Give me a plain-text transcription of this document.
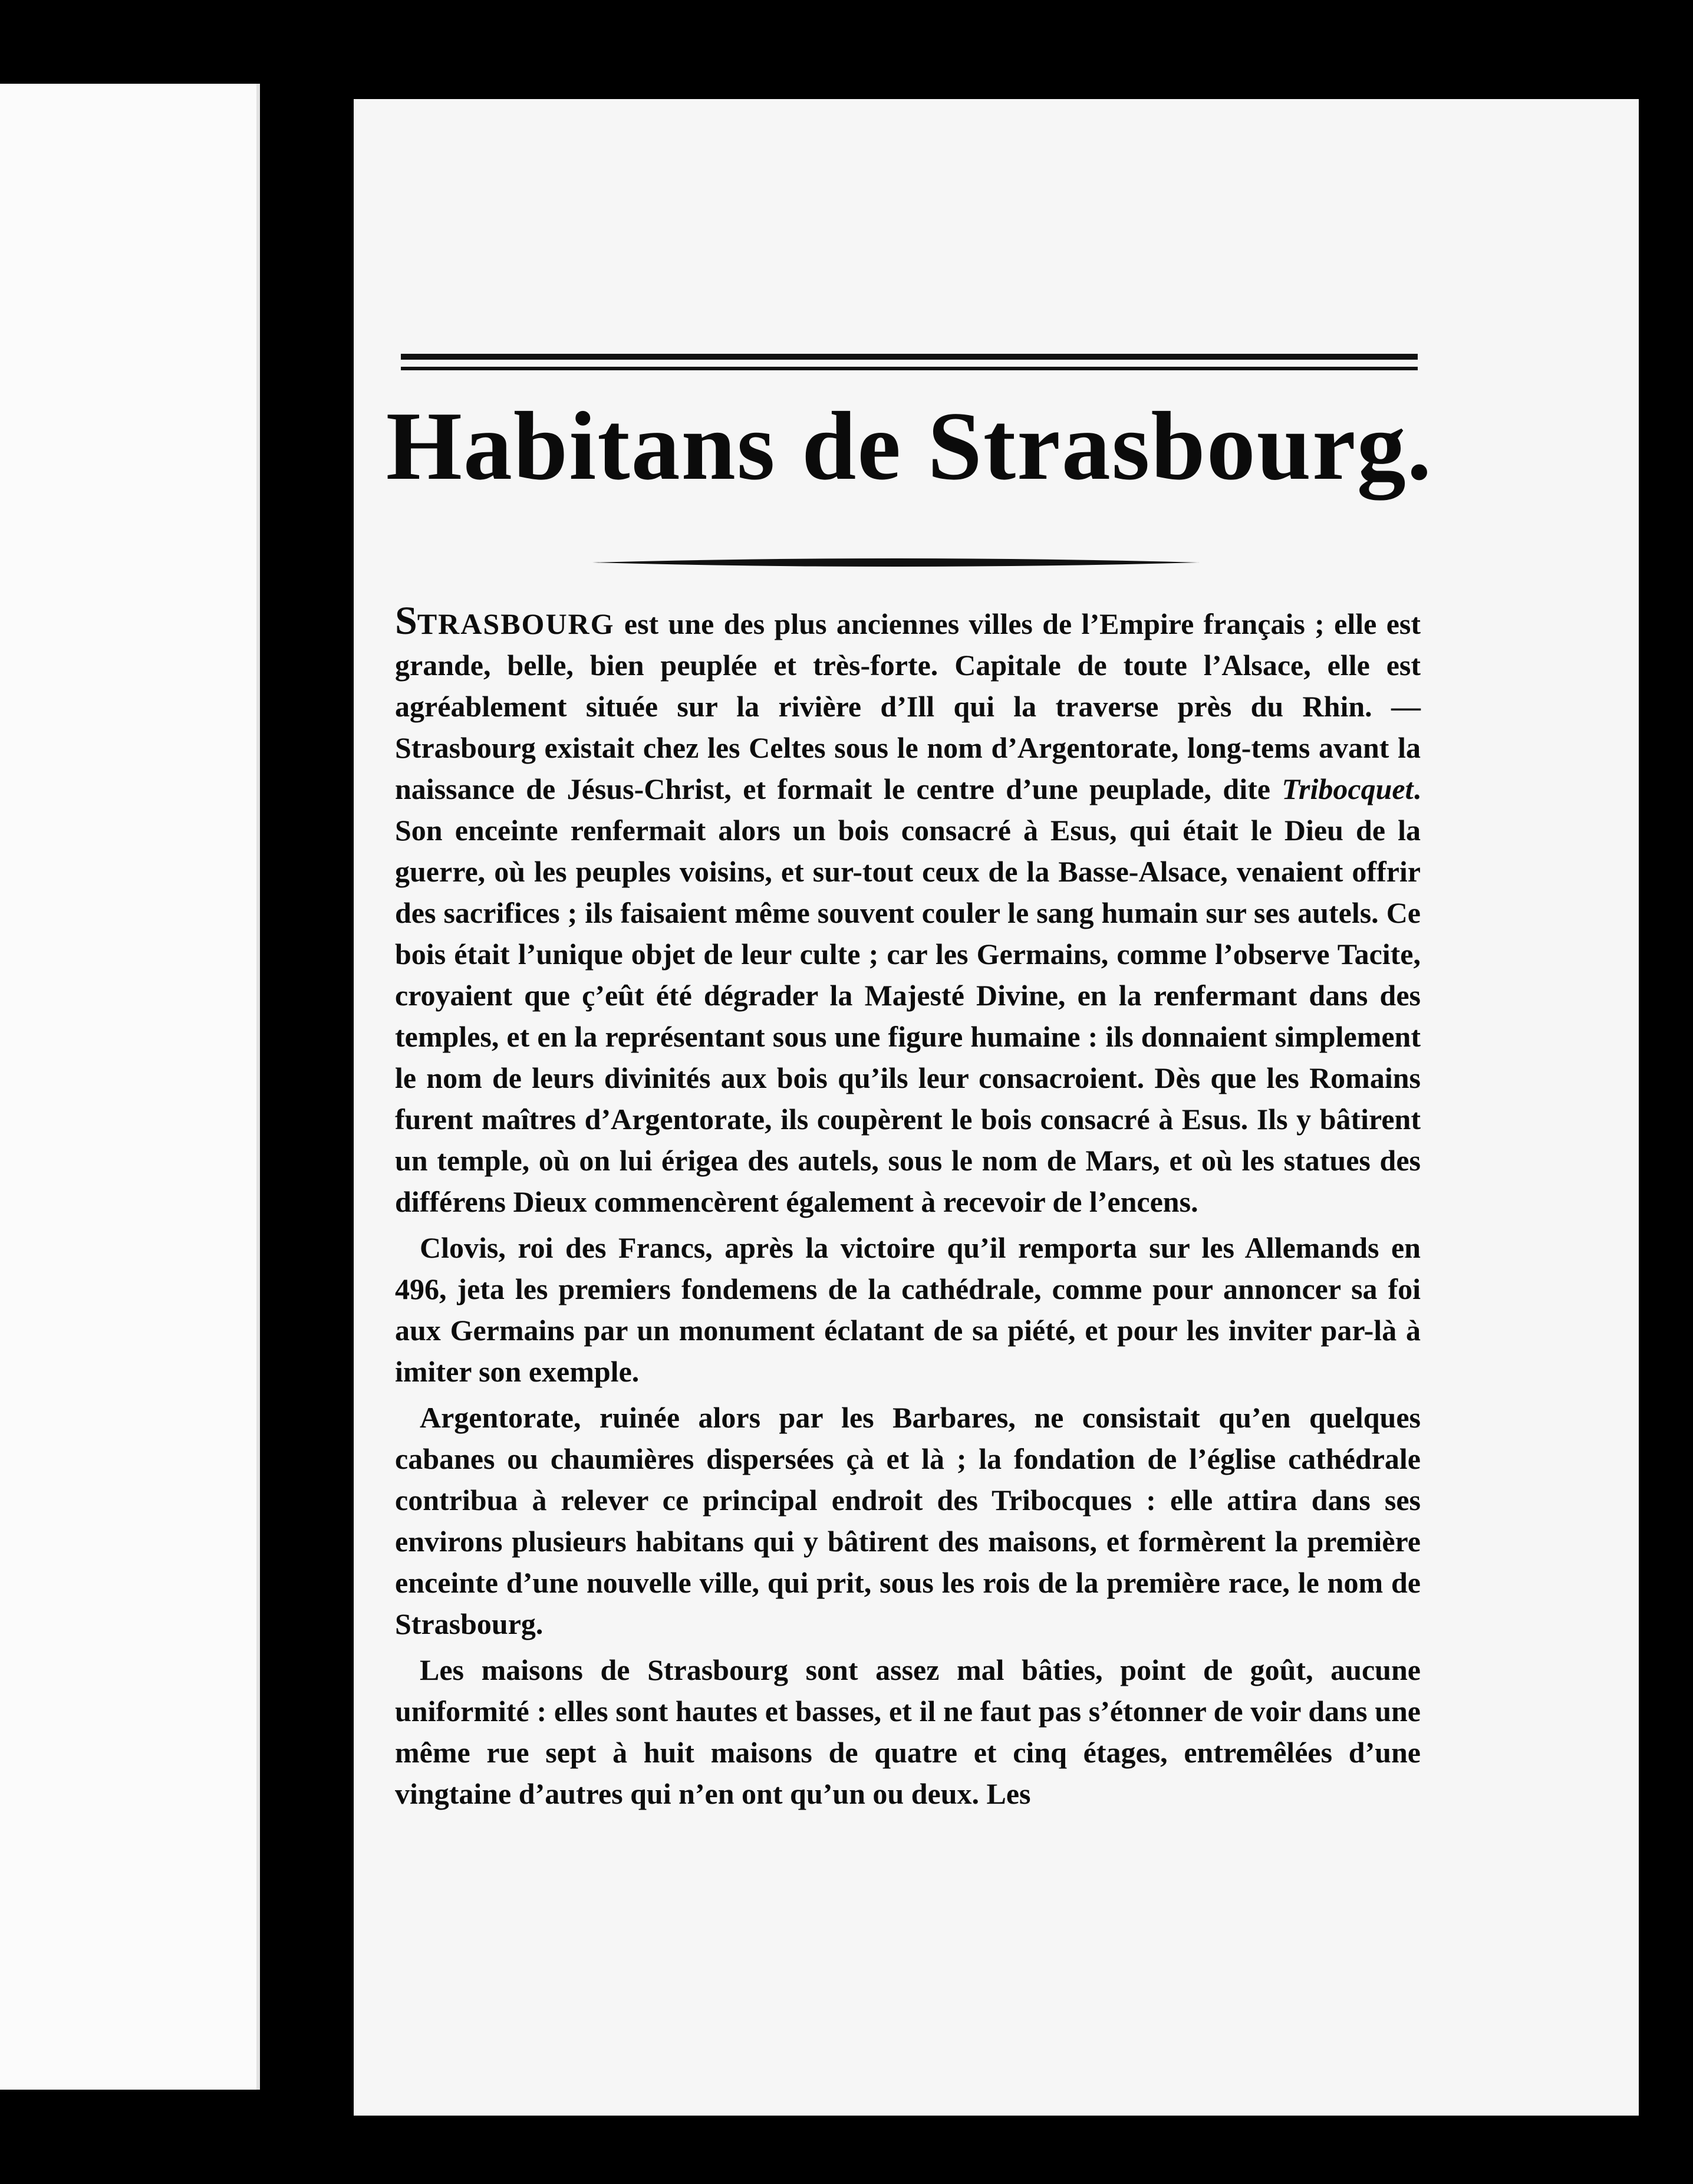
Habitans de Strasbourg.

STRASBOURG est une des plus anciennes villes de l’Empire français ; elle est grande, belle, bien peuplée et très-forte. Capitale de toute l’Alsace, elle est agréablement située sur la rivière d’Ill qui la traverse près du Rhin. — Strasbourg existait chez les Celtes sous le nom d’Argentorate, long-tems avant la naissance de Jésus-Christ, et formait le centre d’une peuplade, dite Tribocquet. Son enceinte renfermait alors un bois consacré à Esus, qui était le Dieu de la guerre, où les peuples voisins, et sur-tout ceux de la Basse-Alsace, venaient offrir des sacrifices ; ils faisaient même souvent couler le sang humain sur ses autels. Ce bois était l’unique objet de leur culte ; car les Germains, comme l’observe Tacite, croyaient que ç’eût été dégrader la Majesté Divine, en la renfermant dans des temples, et en la représentant sous une figure humaine : ils donnaient simplement le nom de leurs divinités aux bois qu’ils leur consacroient. Dès que les Romains furent maîtres d’Argentorate, ils coupèrent le bois consacré à Esus. Ils y bâtirent un temple, où on lui érigea des autels, sous le nom de Mars, et où les statues des différens Dieux commencèrent également à recevoir de l’encens.

Clovis, roi des Francs, après la victoire qu’il remporta sur les Allemands en 496, jeta les premiers fondemens de la cathédrale, comme pour annoncer sa foi aux Germains par un monument éclatant de sa piété, et pour les inviter par-là à imiter son exemple.

Argentorate, ruinée alors par les Barbares, ne consistait qu’en quelques cabanes ou chaumières dispersées çà et là ; la fondation de l’église cathédrale contribua à relever ce principal endroit des Tribocques : elle attira dans ses environs plusieurs habitans qui y bâtirent des maisons, et formèrent la première enceinte d’une nouvelle ville, qui prit, sous les rois de la première race, le nom de Strasbourg.

Les maisons de Strasbourg sont assez mal bâties, point de goût, aucune uniformité : elles sont hautes et basses, et il ne faut pas s’étonner de voir dans une même rue sept à huit maisons de quatre et cinq étages, entremêlées d’une vingtaine d’autres qui n’en ont qu’un ou deux. Les
